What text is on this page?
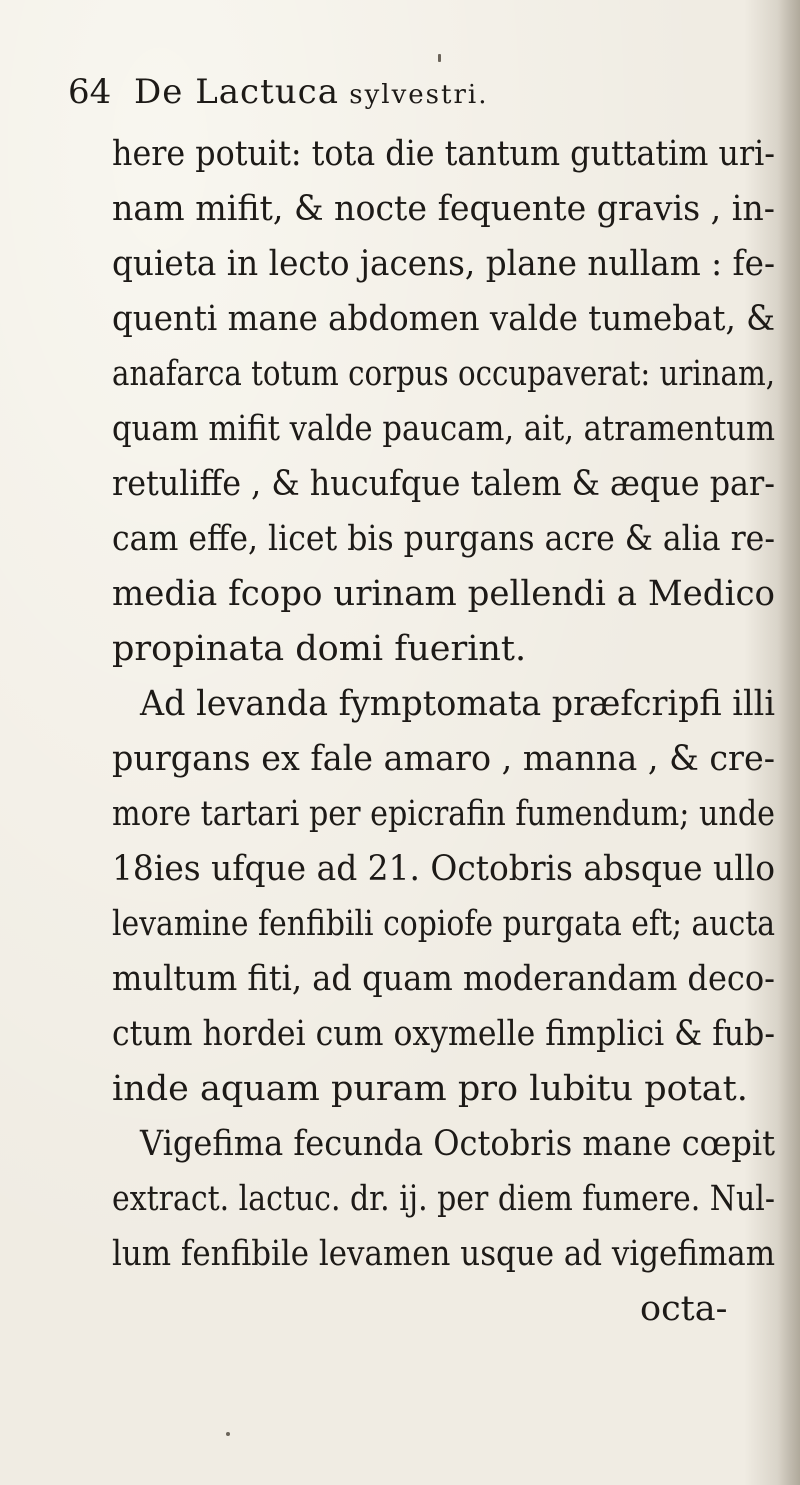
64 De Lactuca sylvestri.
here potuit: tota die tantum guttatim uri-
nam mifit, & nocte fequente gravis , in-
quieta in lecto jacens, plane nullam : fe-
quenti mane abdomen valde tumebat, &
anafarca totum corpus occupaverat: urinam,
quam mifit valde paucam, ait, atramentum
retuliffe , & hucufque talem & æque par-
cam effe, licet bis purgans acre & alia re-
media fcopo urinam pellendi a Medico
propinata domi fuerint.
Ad levanda fymptomata præfcripfi illi
purgans ex fale amaro , manna , & cre-
more tartari per epicrafin fumendum; unde
18ies ufque ad 21. Octobris absque ullo
levamine fenfibili copiofe purgata eft; aucta
multum fiti, ad quam moderandam deco-
ctum hordei cum oxymelle fimplici & fub-
inde aquam puram pro lubitu potat.
Vigefima fecunda Octobris mane cœpit
extract. lactuc. dr. ij. per diem fumere. Nul-
lum fenfibile levamen usque ad vigefimam
octa-
